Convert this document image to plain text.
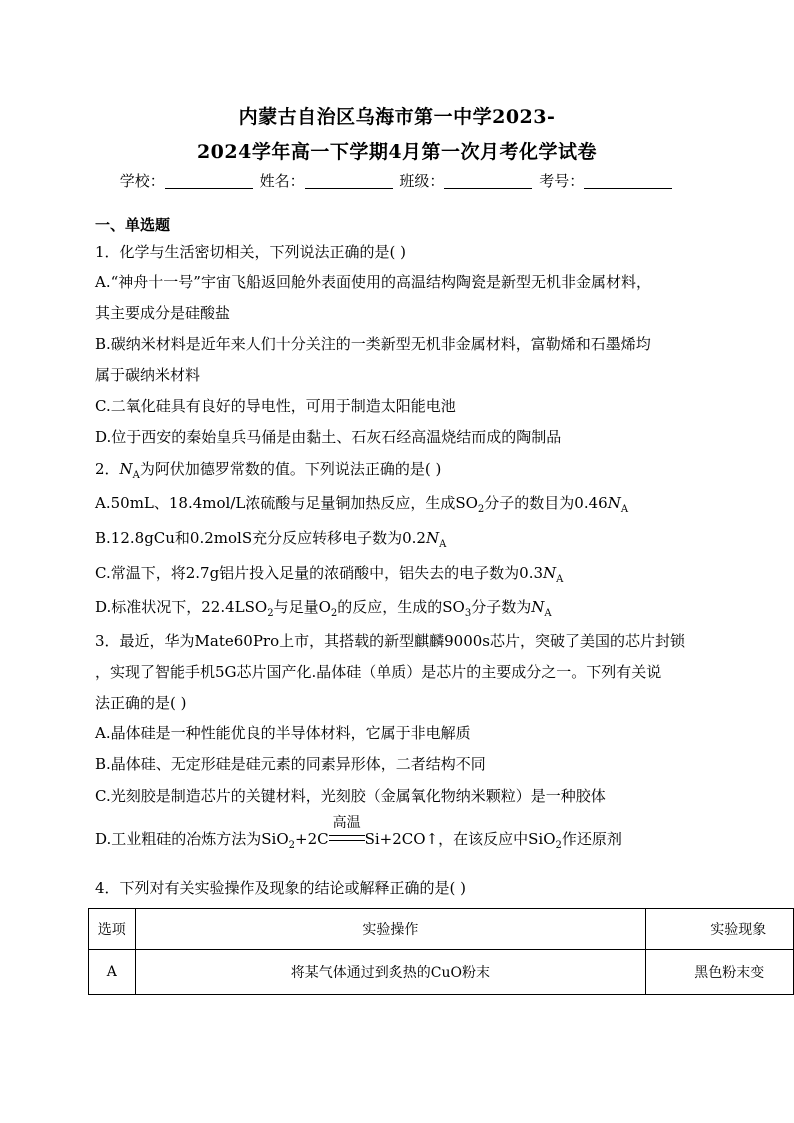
内蒙古自治区乌海市第一中学2023-
2024学年高一下学期4月第一次月考化学试卷
学校：	姓名：	班级：	考号：
一、单选题
1．化学与生活密切相关，下列说法正确的是( )
A.“神舟十一号”宇宙飞船返回舱外表面使用的高温结构陶瓷是新型无机非金属材料，
其主要成分是硅酸盐
B.碳纳米材料是近年来人们十分关注的一类新型无机非金属材料，富勒烯和石墨烯均
属于碳纳米材料
C.二氧化硅具有良好的导电性，可用于制造太阳能电池
D.位于西安的秦始皇兵马俑是由黏土、石灰石经高温烧结而成的陶制品
2．$N_A$为阿伏加德罗常数的值。下列说法正确的是( )
A.50mL、18.4mol/L浓硫酸与足量铜加热反应，生成$SO_2$分子的数目为$0.46N_A$
B.12.8gCu和0.2molS充分反应转移电子数为$0.2N_A$
C.常温下，将2.7g铝片投入足量的浓硝酸中，铝失去的电子数为$0.3N_A$
D.标准状况下，$22.4LSO_2$与足量$O_2$的反应，生成的$SO_3$分子数为$N_A$
3．最近，华为Mate60Pro上市，其搭载的新型麒麟9000s芯片，突破了美国的芯片封锁
，实现了智能手机5G芯片国产化.晶体硅（单质）是芯片的主要成分之一。下列有关说
法正确的是( )
A.晶体硅是一种性能优良的半导体材料，它属于非电解质
B.晶体硅、无定形硅是硅元素的同素异形体，二者结构不同
C.光刻胶是制造芯片的关键材料，光刻胶（金属氧化物纳米颗粒）是一种胶体
D.工业粗硅的冶炼方法为SiO$_2$+2C
高温
Si+2CO↑，在该反应中SiO$_2$作还原剂
4．下列对有关实验操作及现象的结论或解释正确的是( )
选项	实验操作	实验现象
A	将某气体通过到炙热的CuO粉末	黑色粉末变
